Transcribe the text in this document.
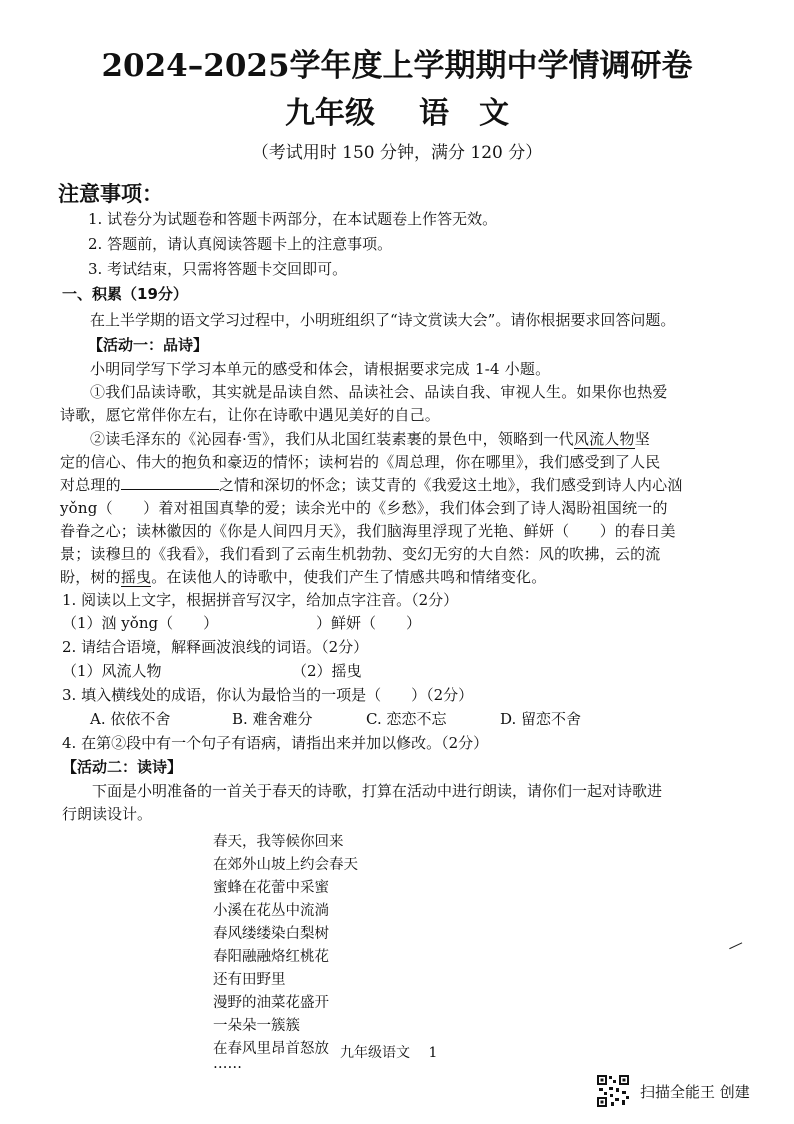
2024–2025学年度上学期期中学情调研卷
九年级 语　文
（考试用时 150 分钟，满分 120 分）
注意事项：
1. 试卷分为试题卷和答题卡两部分，在本试题卷上作答无效。
2. 答题前，请认真阅读答题卡上的注意事项。
3. 考试结束，只需将答题卡交回即可。
一、积累（19分）
在上半学期的语文学习过程中，小明班组织了“诗文赏读大会”。请你根据要求回答问题。
【活动一：品诗】
小明同学写下学习本单元的感受和体会，请根据要求完成 1-4 小题。
①我们品读诗歌，其实就是品读自然、品读社会、品读自我、审视人生。如果你也热爱
诗歌，愿它常伴你左右，让你在诗歌中遇见美好的自己。
②读毛泽东的《沁园春·雪》，我们从北国红装素裹的景色中，领略到一代风流人物坚
定的信心、伟大的抱负和豪迈的情怀；读柯岩的《周总理，你在哪里》，我们感受到了人民
对总理的	之情和深切的怀念；读艾青的《我爱这土地》，我们感受到诗人内心汹
yǒng（　　）着对祖国真挚的爱；读余光中的《乡愁》，我们体会到了诗人渴盼祖国统一的
眷眷之心；读林徽因的《你是人间四月天》，我们脑海里浮现了光艳、鲜妍（　　）的春日美
景；读穆旦的《我看》，我们看到了云南生机勃勃、变幻无穷的大自然：风的吹拂，云的流
盼，树的摇曳。在读他人的诗歌中，使我们产生了情感共鸣和情绪变化。
1. 阅读以上文字，根据拼音写汉字，给加点字注音。（2分）
（1）汹 yǒng（　　）	）鲜妍（　　）
2. 请结合语境，解释画波浪线的词语。（2分）
（1）风流人物	（2）摇曳
3. 填入横线处的成语，你认为最恰当的一项是（　　）（2分）
A. 依依不舍	B. 难舍难分	C. 恋恋不忘	D. 留恋不舍
4. 在第②段中有一个句子有语病，请指出来并加以修改。（2分）
【活动二：读诗】
下面是小明准备的一首关于春天的诗歌，打算在活动中进行朗读，请你们一起对诗歌进
行朗读设计。
春天，我等候你回来
在郊外山坡上约会春天
蜜蜂在花蕾中采蜜
小溪在花丛中流淌
春风缕缕染白梨树
春阳融融烙红桃花
还有田野里
漫野的油菜花盛开
一朵朵一簇簇
在春风里昂首怒放
……
九年级语文　 1
扫描全能王 创建
